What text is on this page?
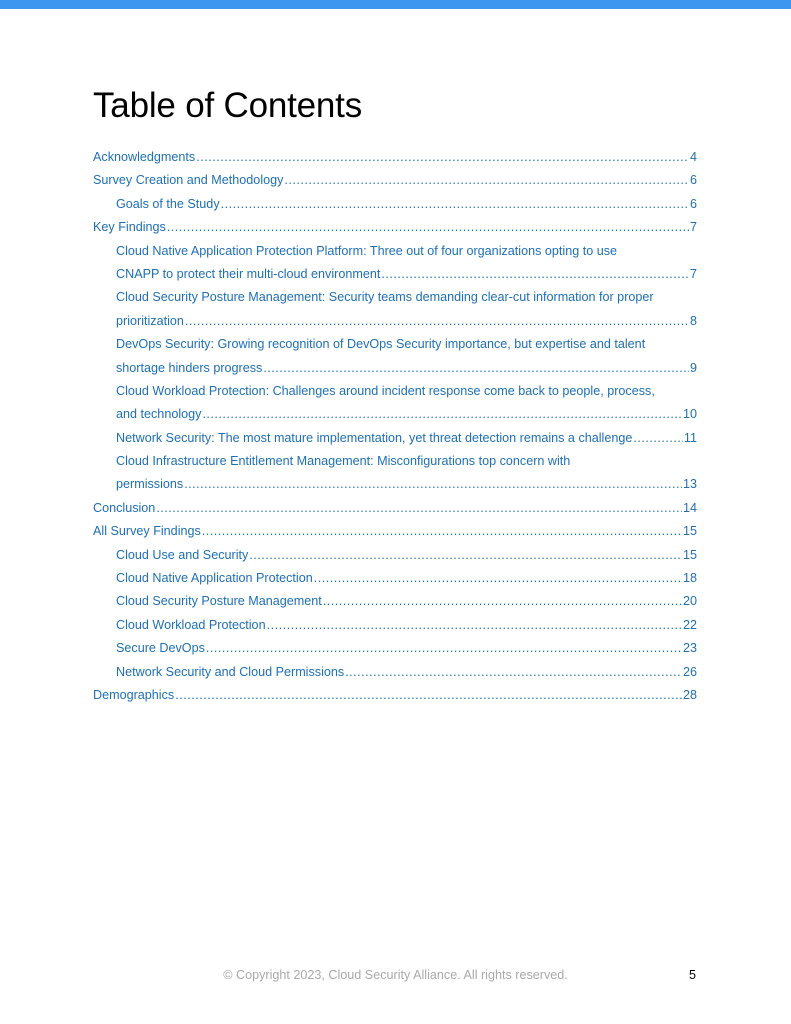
Table of Contents
Acknowledgments .....	4
Survey Creation and Methodology .....	6
Goals of the Study .....	6
Key Findings .....	7
Cloud Native Application Protection Platform: Three out of four organizations opting to use
CNAPP to protect their multi-cloud environment .....	7
Cloud Security Posture Management: Security teams demanding clear-cut information for proper
prioritization .....	8
DevOps Security: Growing recognition of DevOps Security importance, but expertise and talent
shortage hinders progress .....	9
Cloud Workload Protection: Challenges around incident response come back to people, process,
and technology .....	10
Network Security: The most mature implementation, yet threat detection remains a challenge .....	11
Cloud Infrastructure Entitlement Management: Misconfigurations top concern with
permissions .....	13
Conclusion .....	14
All Survey Findings .....	15
Cloud Use and Security .....	15
Cloud Native Application Protection .....	18
Cloud Security Posture Management .....	20
Cloud Workload Protection .....	22
Secure DevOps .....	23
Network Security and Cloud Permissions .....	26
Demographics .....	28
© Copyright 2023, Cloud Security Alliance. All rights reserved.	5
